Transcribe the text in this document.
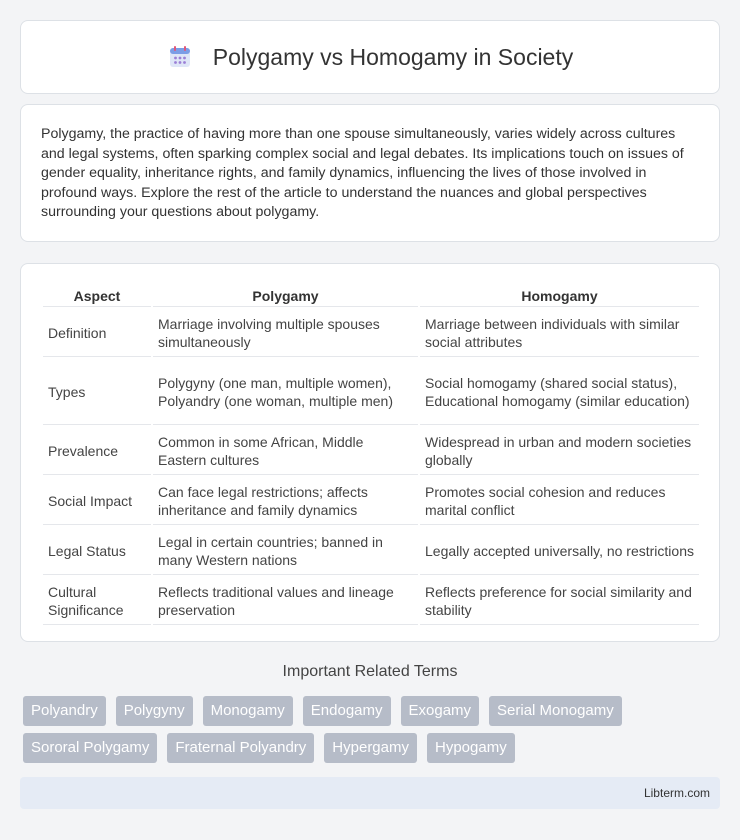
Polygamy vs Homogamy in Society

Polygamy, the practice of having more than one spouse simultaneously, varies widely across cultures and legal systems, often sparking complex social and legal debates. Its implications touch on issues of gender equality, inheritance rights, and family dynamics, influencing the lives of those involved in profound ways. Explore the rest of the article to understand the nuances and global perspectives surrounding your questions about polygamy.

Aspect	Polygamy	Homogamy
Definition	Marriage involving multiple spouses simultaneously	Marriage between individuals with similar social attributes
Types	Polygyny (one man, multiple women), Polyandry (one woman, multiple men)	Social homogamy (shared social status), Educational homogamy (similar education)
Prevalence	Common in some African, Middle Eastern cultures	Widespread in urban and modern societies globally
Social Impact	Can face legal restrictions; affects inheritance and family dynamics	Promotes social cohesion and reduces marital conflict
Legal Status	Legal in certain countries; banned in many Western nations	Legally accepted universally, no restrictions
Cultural Significance	Reflects traditional values and lineage preservation	Reflects preference for social similarity and stability
Important Related Terms
Polyandry	Polygyny	Monogamy	Endogamy	Exogamy	Serial Monogamy
Sororal Polygamy	Fraternal Polyandry	Hypergamy	Hypogamy
Libterm.com
